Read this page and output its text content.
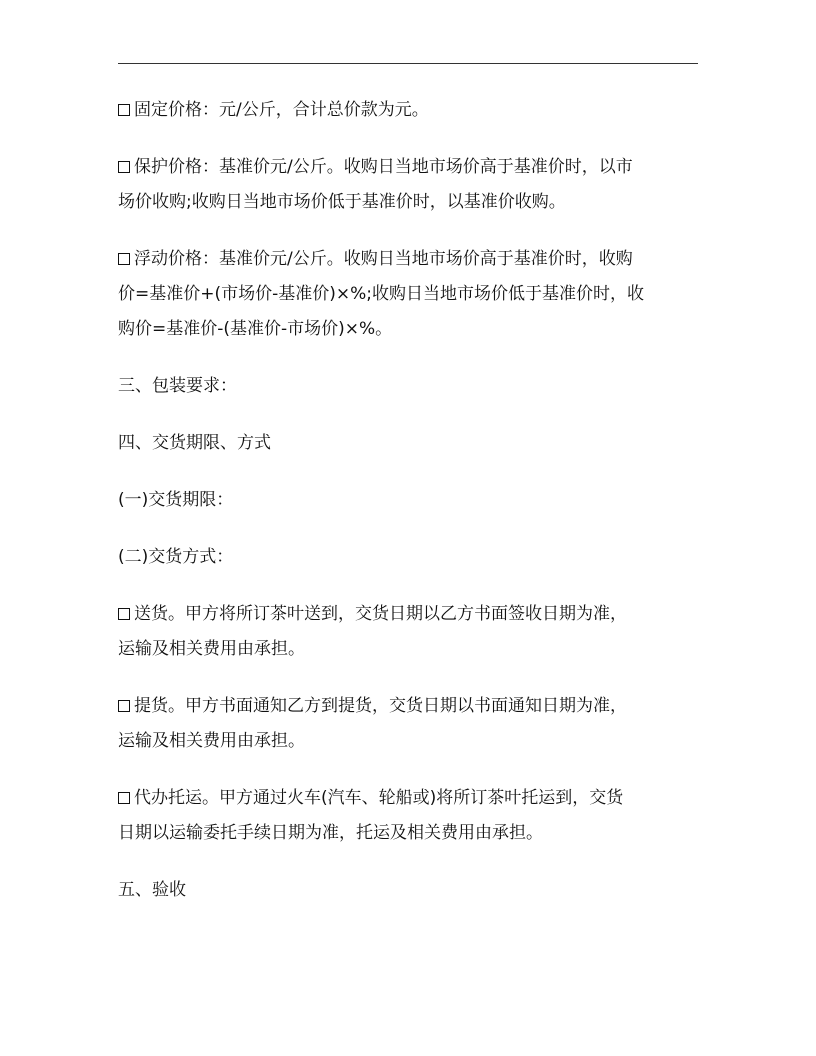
固定价格：元/公斤，合计总价款为元。

保护价格：基准价元/公斤。收购日当地市场价高于基准价时，以市
场价收购;收购日当地市场价低于基准价时，以基准价收购。

浮动价格：基准价元/公斤。收购日当地市场价高于基准价时，收购
价=基准价+(市场价-基准价)×%;收购日当地市场价低于基准价时，收
购价=基准价-(基准价-市场价)×%。

三、包装要求：

四、交货期限、方式

(一)交货期限：

(二)交货方式：

送货。甲方将所订茶叶送到，交货日期以乙方书面签收日期为准，
运输及相关费用由承担。

提货。甲方书面通知乙方到提货，交货日期以书面通知日期为准，
运输及相关费用由承担。

代办托运。甲方通过火车(汽车、轮船或)将所订茶叶托运到，交货
日期以运输委托手续日期为准，托运及相关费用由承担。

五、验收
